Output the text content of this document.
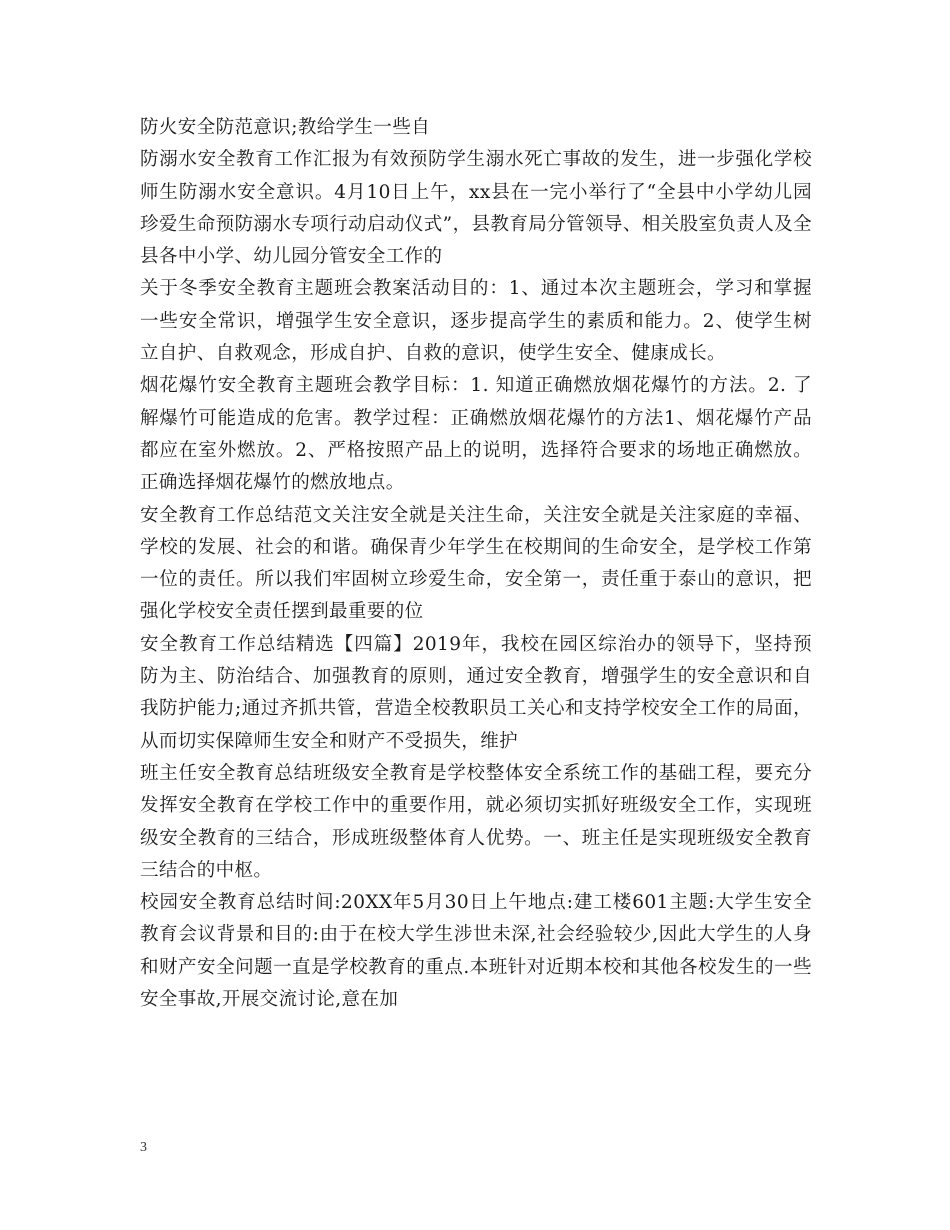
防火安全防范意识;教给学生一些自

防溺水安全教育工作汇报为有效预防学生溺水死亡事故的发生，进一步强化学校师生防溺水安全意识。4月10日上午，xx县在一完小举行了“全县中小学幼儿园珍爱生命预防溺水专项行动启动仪式”，县教育局分管领导、相关股室负责人及全县各中小学、幼儿园分管安全工作的

关于冬季安全教育主题班会教案活动目的：1、通过本次主题班会，学习和掌握一些安全常识，增强学生安全意识，逐步提高学生的素质和能力。2、使学生树立自护、自救观念，形成自护、自救的意识，使学生安全、健康成长。

烟花爆竹安全教育主题班会教学目标：1. 知道正确燃放烟花爆竹的方法。2. 了解爆竹可能造成的危害。教学过程：正确燃放烟花爆竹的方法1、烟花爆竹产品都应在室外燃放。2、严格按照产品上的说明，选择符合要求的场地正确燃放。正确选择烟花爆竹的燃放地点。

安全教育工作总结范文关注安全就是关注生命，关注安全就是关注家庭的幸福、学校的发展、社会的和谐。确保青少年学生在校期间的生命安全，是学校工作第一位的责任。所以我们牢固树立珍爱生命，安全第一，责任重于泰山的意识，把强化学校安全责任摆到最重要的位

安全教育工作总结精选【四篇】2019年，我校在园区综治办的领导下，坚持预防为主、防治结合、加强教育的原则，通过安全教育，增强学生的安全意识和自我防护能力;通过齐抓共管，营造全校教职员工关心和支持学校安全工作的局面，从而切实保障师生安全和财产不受损失，维护

班主任安全教育总结班级安全教育是学校整体安全系统工作的基础工程，要充分发挥安全教育在学校工作中的重要作用，就必须切实抓好班级安全工作，实现班级安全教育的三结合，形成班级整体育人优势。一、班主任是实现班级安全教育三结合的中枢。

校园安全教育总结时间:20XX年5月30日上午地点:建工楼601主题:大学生安全教育会议背景和目的:由于在校大学生涉世未深,社会经验较少,因此大学生的人身和财产安全问题一直是学校教育的重点.本班针对近期本校和其他各校发生的一些安全事故,开展交流讨论,意在加

3
